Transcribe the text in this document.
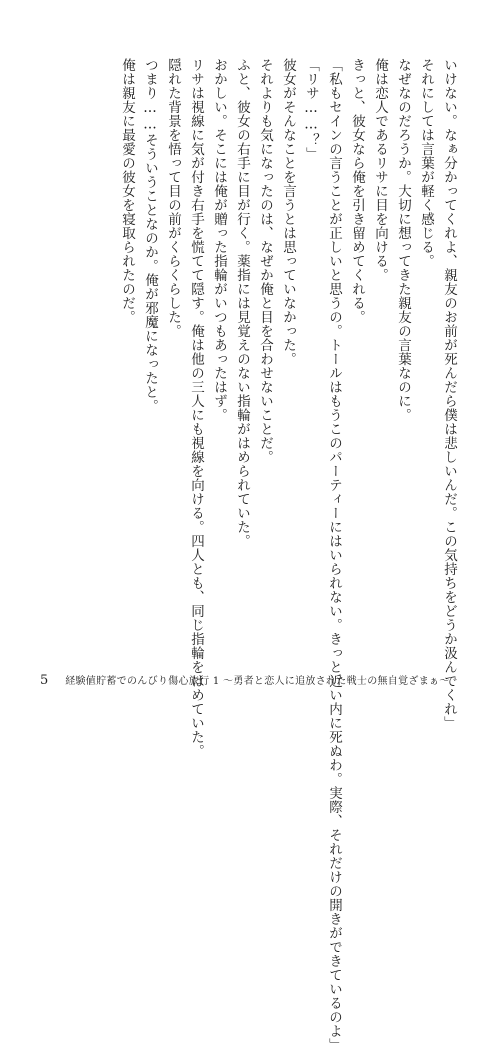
いけない。なぁ分かってくれよ、親友のお前が死んだら僕は悲しいんだ。この気持ちをどうか汲んでくれ」
それにしては言葉が軽く感じる。
なぜなのだろうか。大切に想ってきた親友の言葉なのに。
俺は恋人であるリサに目を向ける。
きっと、彼女なら俺を引き留めてくれる。
「私もセインの言うことが正しいと思うの。トールはもうこのパーティーにはいられない。きっと近い内に死ぬわ。実際、それだけの開きができているのよ」
「リサ……？」
彼女がそんなことを言うとは思っていなかった。
それよりも気になったのは、なぜか俺と目を合わせないことだ。
ふと、彼女の右手に目が行く。薬指には見覚えのない指輪がはめられていた。
おかしい。そこには俺が贈った指輪がいつもあったはず。
リサは視線に気が付き右手を慌てて隠す。俺は他の三人にも視線を向ける。四人とも、同じ指輪をはめていた。
隠れた背景を悟って目の前がくらくらした。
つまり……そういうことなのか。俺が邪魔になったと。
俺は親友に最愛の彼女を寝取られたのだ。
5 経験値貯蓄でのんびり傷心旅行 1 〜勇者と恋人に追放された戦士の無自覚ざまぁ〜
